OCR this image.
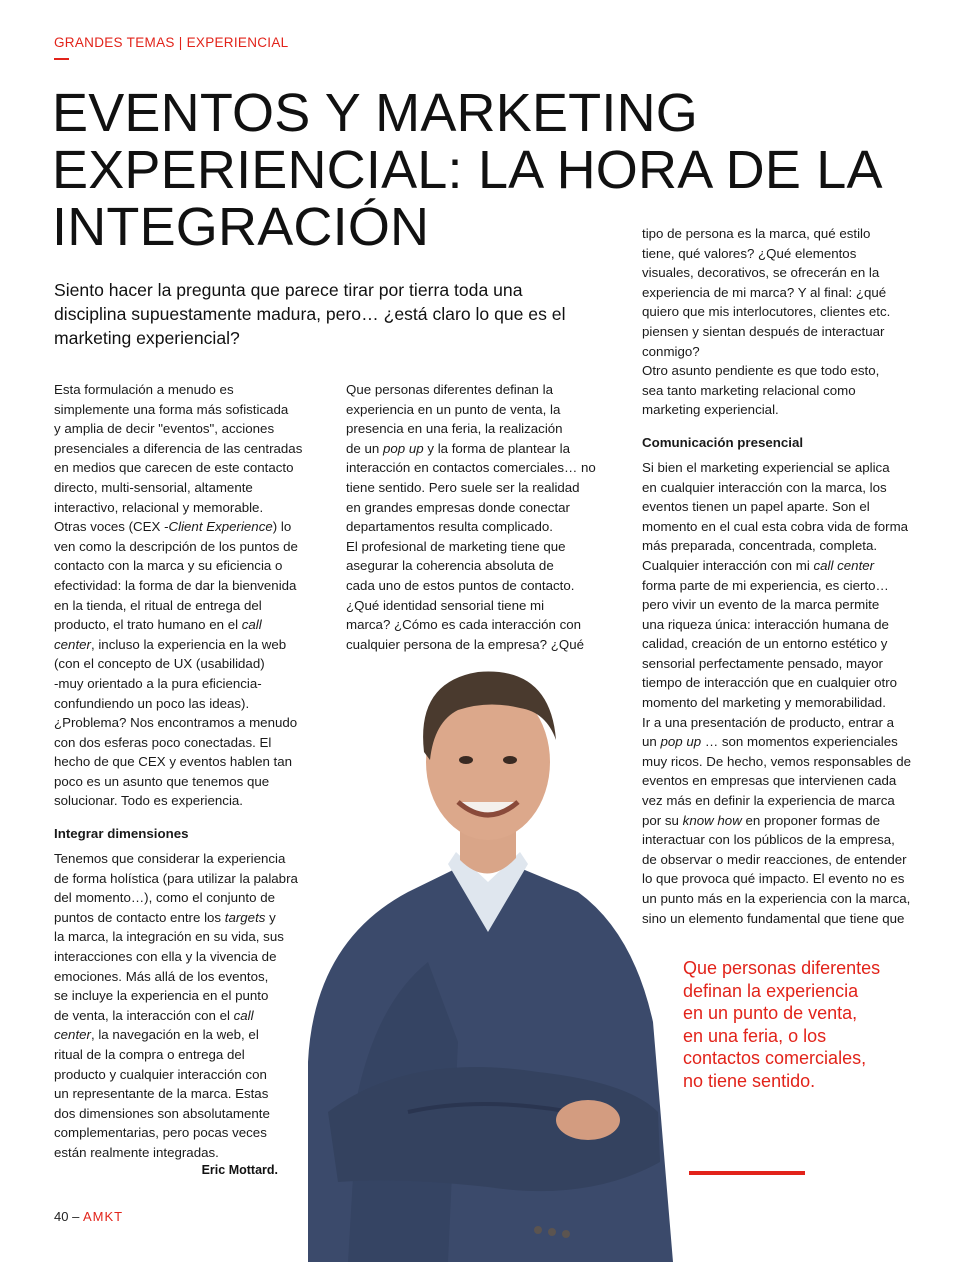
GRANDES TEMAS | EXPERIENCIAL
EVENTOS Y MARKETING
EXPERIENCIAL: LA HORA DE LA
INTEGRACIÓN
Siento hacer la pregunta que parece tirar por tierra toda una
disciplina supuestamente madura, pero… ¿está claro lo que es el
marketing experiencial?

Esta formulación a menudo es
simplemente una forma más sofisticada
y amplia de decir "eventos", acciones
presenciales a diferencia de las centradas
en medios que carecen de este contacto
directo, multi-sensorial, altamente
interactivo, relacional y memorable.

Otras voces (CEX -Client Experience) lo
ven como la descripción de los puntos de
contacto con la marca y su eficiencia o
efectividad: la forma de dar la bienvenida
en la tienda, el ritual de entrega del
producto, el trato humano en el call
center, incluso la experiencia en la web
(con el concepto de UX (usabilidad)
-muy orientado a la pura eficiencia-
confundiendo un poco las ideas).
¿Problema? Nos encontramos a menudo
con dos esferas poco conectadas. El
hecho de que CEX y eventos hablen tan
poco es un asunto que tenemos que
solucionar. Todo es experiencia.

Integrar dimensiones

Tenemos que considerar la experiencia
de forma holística (para utilizar la palabra
del momento…), como el conjunto de
puntos de contacto entre los targets y
la marca, la integración en su vida, sus
interacciones con ella y la vivencia de
emociones. Más allá de los eventos,
se incluye la experiencia en el punto
de venta, la interacción con el call
center, la navegación en la web, el
ritual de la compra o entrega del
producto y cualquier interacción con
un representante de la marca. Estas
dos dimensiones son absolutamente
complementarias, pero pocas veces
están realmente integradas.

Eric Mottard.

Que personas diferentes definan la
experiencia en un punto de venta, la
presencia en una feria, la realización
de un pop up y la forma de plantear la
interacción en contactos comerciales… no
tiene sentido. Pero suele ser la realidad
en grandes empresas donde conectar
departamentos resulta complicado.
El profesional de marketing tiene que
asegurar la coherencia absoluta de
cada uno de estos puntos de contacto.
¿Qué identidad sensorial tiene mi
marca? ¿Cómo es cada interacción con
cualquier persona de la empresa? ¿Qué

tipo de persona es la marca, qué estilo
tiene, qué valores? ¿Qué elementos
visuales, decorativos, se ofrecerán en la
experiencia de mi marca? Y al final: ¿qué
quiero que mis interlocutores, clientes etc.
piensen y sientan después de interactuar
conmigo?
Otro asunto pendiente es que todo esto,
sea tanto marketing relacional como
marketing experiencial.

Comunicación presencial

Si bien el marketing experiencial se aplica
en cualquier interacción con la marca, los
eventos tienen un papel aparte. Son el
momento en el cual esta cobra vida de forma
más preparada, concentrada, completa.
Cualquier interacción con mi call center
forma parte de mi experiencia, es cierto…
pero vivir un evento de la marca permite
una riqueza única: interacción humana de
calidad, creación de un entorno estético y
sensorial perfectamente pensado, mayor
tiempo de interacción que en cualquier otro
momento del marketing y memorabilidad.
Ir a una presentación de producto, entrar a
un pop up … son momentos experienciales
muy ricos. De hecho, vemos responsables de
eventos en empresas que intervienen cada
vez más en definir la experiencia de marca
por su know how en proponer formas de
interactuar con los públicos de la empresa,
de observar o medir reacciones, de entender
lo que provoca qué impacto. El evento no es
un punto más en la experiencia con la marca,
sino un elemento fundamental que tiene que

Que personas diferentes
definan la experiencia
en un punto de venta,
en una feria, o los
contactos comerciales,
no tiene sentido.
40 – AMKT
